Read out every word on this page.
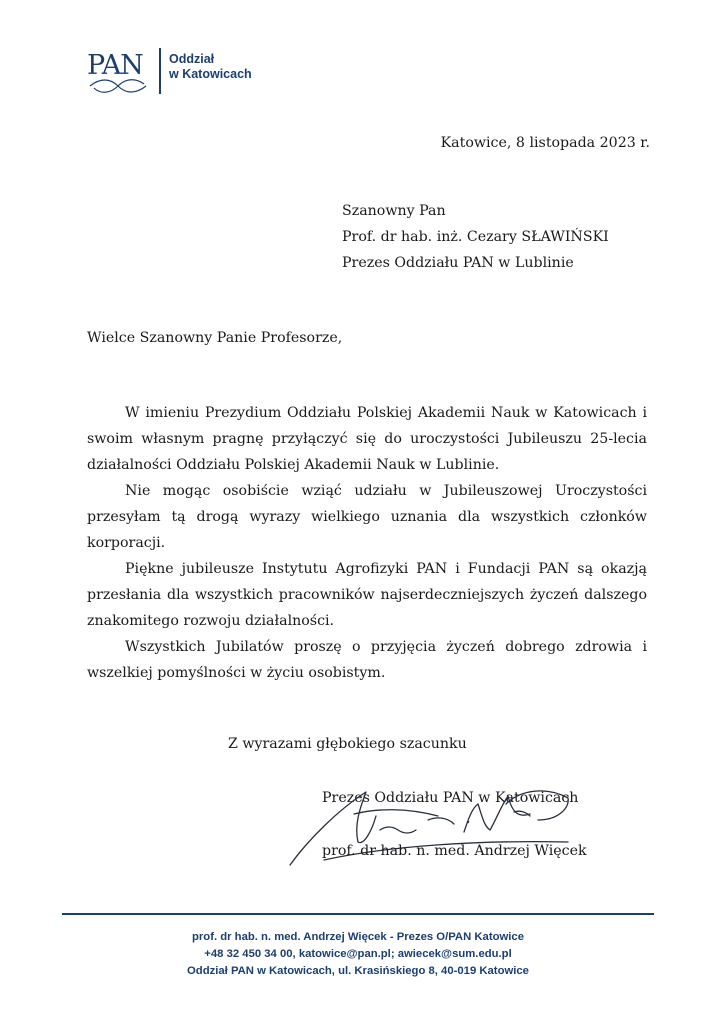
PAN Oddział
w Katowicach
Katowice, 8 listopada 2023 r.
Szanowny Pan
Prof. dr hab. inż. Cezary SŁAWIŃSKI
Prezes Oddziału PAN w Lublinie
Wielce Szanowny Panie Profesorze,

W imieniu Prezydium Oddziału Polskiej Akademii Nauk w Katowicach i swoim własnym pragnę przyłączyć się do uroczystości Jubileuszu 25-lecia działalności Oddziału Polskiej Akademii Nauk w Lublinie.

Nie mogąc osobiście wziąć udziału w Jubileuszowej Uroczystości przesyłam tą drogą wyrazy wielkiego uznania dla wszystkich członków korporacji.

Piękne jubileusze Instytutu Agrofizyki PAN i Fundacji PAN są okazją przesłania dla wszystkich pracowników najserdeczniejszych życzeń dalszego znakomitego rozwoju działalności.

Wszystkich Jubilatów proszę o przyjęcia życzeń dobrego zdrowia i wszelkiej pomyślności w życiu osobistym.

Z wyrazami głębokiego szacunku
Prezes Oddziału PAN w Katowicach
prof. dr hab. n. med. Andrzej Więcek
prof. dr hab. n. med. Andrzej Więcek - Prezes O/PAN Katowice
+48 32 450 34 00, katowice@pan.pl; awiecek@sum.edu.pl
Oddział PAN w Katowicach, ul. Krasińskiego 8, 40-019 Katowice
